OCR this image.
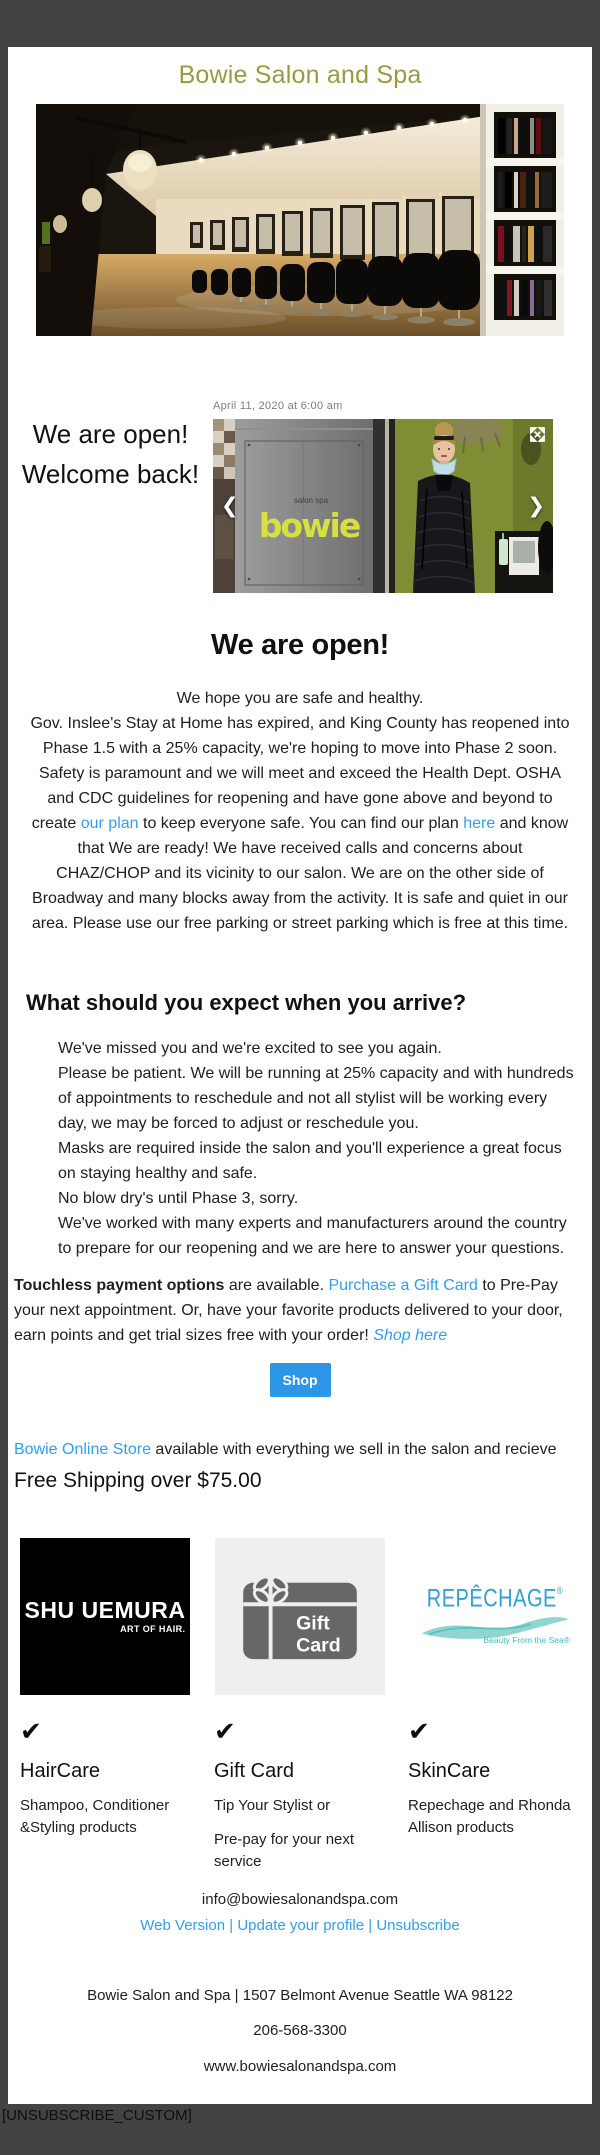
Bowie Salon and Spa
We are open!
Welcome back!
April 11, 2020 at 6:00 am
salon spa
bowie
❮	❯
We are open!

We hope you are safe and healthy.

Gov. Inslee's Stay at Home has expired, and King County has reopened into Phase 1.5 with a 25% capacity, we're hoping to move into Phase 2 soon. Safety is paramount and we will meet and exceed the Health Dept. OSHA and CDC guidelines for reopening and have gone above and beyond to create our plan to keep everyone safe. You can find our plan here and know that We are ready! We have received calls and concerns about CHAZ/CHOP and its vicinity to our salon. We are on the other side of Broadway and many blocks away from the activity. It is safe and quiet in our area. Please use our free parking or street parking which is free at this time.

What should you expect when you arrive?

We've missed you and we're excited to see you again.

Please be patient. We will be running at 25% capacity and with hundreds of appointments to reschedule and not all stylist will be working every day, we may be forced to adjust or reschedule you.

Masks are required inside the salon and you'll experience a great focus on staying healthy and safe.

No blow dry's until Phase 3, sorry.

We've worked with many experts and manufacturers around the country to prepare for our reopening and we are here to answer your questions.

Touchless payment options are available. Purchase a Gift Card to Pre-Pay your next appointment. Or, have your favorite products delivered to your door, earn points and get trial sizes free with your order! Shop here

Shop

Bowie Online Store available with everything we sell in the salon and recieve

Free Shipping over $75.00
SHU UEMURA
ART OF HAIR.	Gift
Card
REPÊCHAGE®
Beauty From the Sea®
✔

HairCare

Shampoo, Conditioner &Styling products

✔

Gift Card

Tip Your Stylist or

Pre-pay for your next service

✔

SkinCare

Repechage and Rhonda Allison products

info@bowiesalonandspa.com

Web Version | Update your profile | Unsubscribe

Bowie Salon and Spa | 1507 Belmont Avenue Seattle WA 98122

206-568-3300

www.bowiesalonandspa.com

[UNSUBSCRIBE_CUSTOM]
